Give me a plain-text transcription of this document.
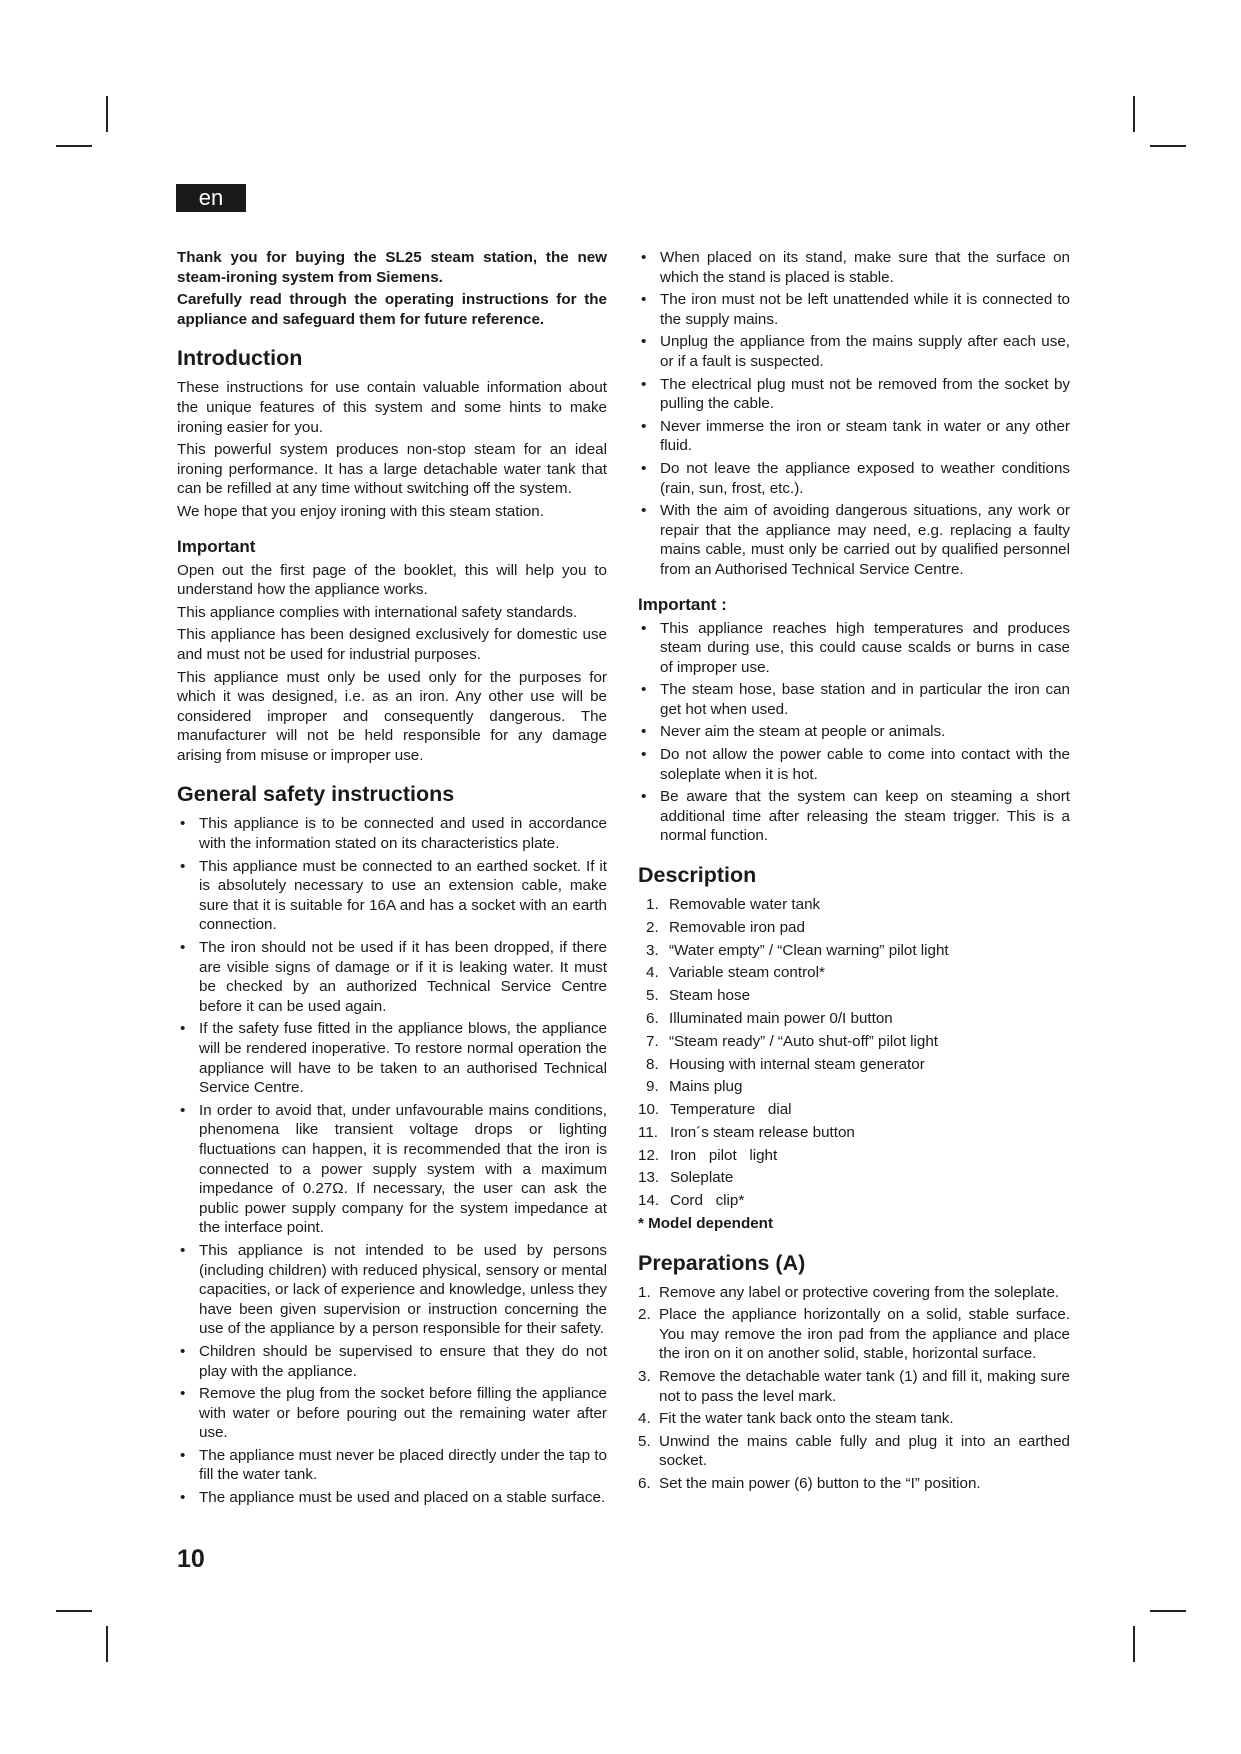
en

Thank you for buying the SL25 steam station, the new steam-ironing system from Siemens.

Carefully read through the operating instructions for the appliance and safeguard them for future reference.

Introduction

These instructions for use contain valuable information about the unique features of this system and some hints to make ironing easier for you.

This powerful system produces non-stop steam for an ideal ironing performance. It has a large detachable water tank that can be refilled at any time without switching off the system.

We hope that you enjoy ironing with this steam station.

Important

Open out the first page of the booklet, this will help you to understand how the appliance works.

This appliance complies with international safety standards.

This appliance has been designed exclusively for domestic use and must not be used for industrial purposes.

This appliance must only be used only for the purposes for which it was designed, i.e. as an iron. Any other use will be considered improper and consequently dangerous. The manufacturer will not be held responsible for any damage arising from misuse or improper use.

General safety instructions
• This appliance is to be connected and used in accordance with the information stated on its characteristics plate.
• This appliance must be connected to an earthed socket. If it is absolutely necessary to use an extension cable, make sure that it is suitable for 16A and has a socket with an earth connection.
• The iron should not be used if it has been dropped, if there are visible signs of damage or if it is leaking water. It must be checked by an authorized Technical Service Centre before it can be used again.
• If the safety fuse fitted in the appliance blows, the appliance will be rendered inoperative. To restore normal operation the appliance will have to be taken to an authorised Technical Service Centre.
• In order to avoid that, under unfavourable mains conditions, phenomena like transient voltage drops or lighting fluctuations can happen, it is recommended that the iron is connected to a power supply system with a maximum impedance of 0.27Ω. If necessary, the user can ask the public power supply company for the system impedance at the interface point.
• This appliance is not intended to be used by persons (including children) with reduced physical, sensory or mental capacities, or lack of experience and knowledge, unless they have been given supervision or instruction concerning the use of the appliance by a person responsible for their safety.
• Children should be supervised to ensure that they do not play with the appliance.
• Remove the plug from the socket before filling the appliance with water or before pouring out the remaining water after use.
• The appliance must never be placed directly under the tap to fill the water tank.
• The appliance must be used and placed on a stable surface.
• When placed on its stand, make sure that the surface on which the stand is placed is stable.
• The iron must not be left unattended while it is connected to the supply mains.
• Unplug the appliance from the mains supply after each use, or if a fault is suspected.
• The electrical plug must not be removed from the socket by pulling the cable.
• Never immerse the iron or steam tank in water or any other fluid.
• Do not leave the appliance exposed to weather conditions (rain, sun, frost, etc.).
• With the aim of avoiding dangerous situations, any work or repair that the appliance may need, e.g. replacing a faulty mains cable, must only be carried out by qualified personnel from an Authorised Technical Service Centre.
Important :
• This appliance reaches high temperatures and produces steam during use, this could cause scalds or burns in case of improper use.
• The steam hose, base station and in particular the iron can get hot when used.
• Never aim the steam at people or animals.
• Do not allow the power cable to come into contact with the soleplate when it is hot.
• Be aware that the system can keep on steaming a short additional time after releasing the steam trigger. This is a normal function.
Description
1. Removable water tank
2. Removable iron pad
3. “Water empty” / “Clean warning” pilot light
4. Variable steam control*
5. Steam hose
6. Illuminated main power 0/I button
7. “Steam ready” / “Auto shut-off” pilot light
8. Housing with internal steam generator
9. Mains plug
10. Temperature   dial
11. Iron´s steam release button
12. Iron   pilot   light
13. Soleplate
14. Cord   clip*
* Model dependent
Preparations (A)
1. Remove any label or protective covering from the soleplate.
2. Place the appliance horizontally on a solid, stable surface. You may remove the iron pad from the appliance and place the iron on it on another solid, stable, horizontal surface.
3. Remove the detachable water tank (1) and fill it, making sure not to pass the level mark.
4. Fit the water tank back onto the steam tank.
5. Unwind the mains cable fully and plug it into an earthed socket.
6. Set the main power (6) button to the “I” position.
10
